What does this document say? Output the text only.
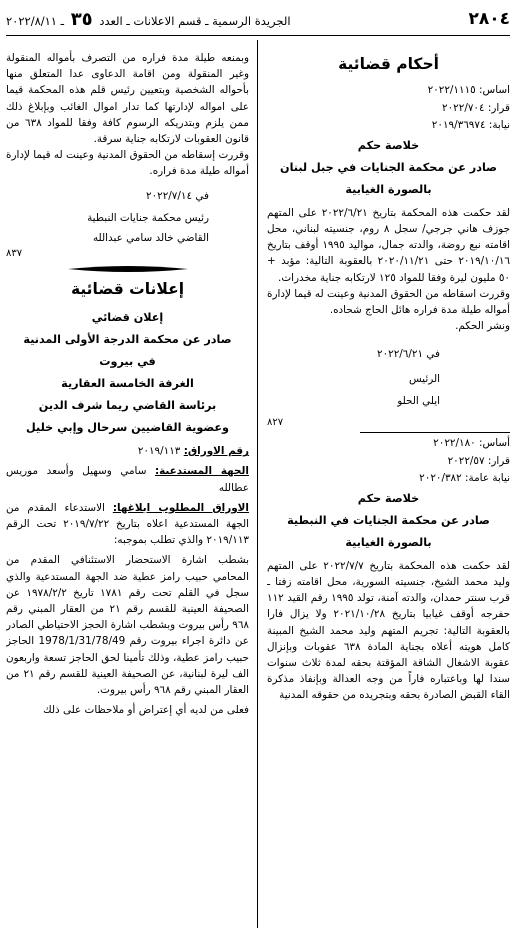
٢٨٠٤
الجريدة الرسمية ـ قسم الاعلانات ـ العدد ٣٥ ـ ٢٠٢٢/٨/١١
أحكام قضائية
اساس: ٢٠٢٢/١١١٥
قرار: ٢٠٢٢/٧٠٤
نيابة: ٢٠١٩/٣٦٩٧٤
خلاصة حكم
صادر عن محكمة الجنايات في جبل لبنان
بالصورة الغيابية

لقد حكمت هذه المحكمة بتاريخ ٢٠٢٢/٦/٢١ على المتهم جوزف هاني جرجي/ سجل ٨ روم، جنسيته لبناني، محل اقامته نبع روضة، والدته جمال، مواليد ١٩٩٥ أوقف بتاريخ ٢٠١٩/١٠/١٦ حتى ٢٠٢٠/١١/٢١ بالعقوبة التالية: مؤبد + ٥٠ مليون ليرة وفقا للمواد ١٢٥ لارتكابه جناية مخدرات.

وقررت اسقاطه من الحقوق المدنية وعينت له قيما لإدارة أمواله طيلة مدة فراره هائل الحاج شحاده.

ونشر الحكم.

في ٢٠٢٢/٦/٢١
الرئيس
ايلي الحلو
٨٢٧
أساس: ٢٠٢٢/١٨٠
قرار: ٢٠٢٢/٥٧
نيابة عامة: ٢٠٢٠/٣٨٢
خلاصة حكم
صادر عن محكمة الجنايات في النبطية
بالصورة الغيابية

لقد حكمت هذه المحكمة بتاريخ ٢٠٢٢/٧/٧ على المتهم وليد محمد الشيخ، جنسيته السورية، محل اقامته زفتا ـ قرب سنتر حمدان، والدته آمنة، تولد ١٩٩٥ رقم القيد ١١٢ حفرجه أوقف غيابيا بتاريخ ٢٠٢١/١٠/٢٨ ولا يزال فارا بالعقوبة التالية: تجريم المتهم وليد محمد الشيخ المبينة كامل هويته أعلاه بجناية المادة ٦٣٨ عقوبات وبإنزال عقوبة الاشغال الشاقة المؤقتة بحقه لمدة ثلاث سنوات سندا لها وباعتباره فاراً من وجه العدالة وبإنفاذ مذكرة القاء القبض الصادرة بحقه وبتجريده من حقوقه المدنية

وبمنعه طيلة مدة فراره من التصرف بأمواله المنقولة وغير المنقولة ومن اقامة الدعاوى عدا المتعلق منها بأحواله الشخصية وبتعيين رئيس قلم هذه المحكمة قيما على امواله لإدارتها كما تدار اموال الغائب وبإبلاغ ذلك ممن يلزم وبتدريكه الرسوم كافة وفقا للمواد ٦٣٨ من قانون العقوبات لارتكابه جناية سرقة.

وقررت إسقاطه من الحقوق المدنية وعينت له قيما لإدارة أمواله طيلة مدة فراره.

في ٢٠٢٢/٧/١٤
رئيس محكمة جنايات النبطية
القاضي خالد سامي عبدالله
٨٣٧
إعلانات قضائية
إعلان قضائي
صادر عن محكمة الدرجة الأولى المدنية
في بيروت
الغرفة الخامسة العقارية
برئاسة القاضي ريما شرف الدين
وعضوية القاضيين سرحال وإبي خليل

رقم الاوراق: ٢٠١٩/١١٣

الجهة المستدعية: سامي وسهيل وأسعد موريس عطالله

الاوراق المطلوب ابلاغها: الاستدعاء المقدم من الجهة المستدعية اعلاه بتاريخ ٢٠١٩/٧/٢٢ تحت الرقم ٢٠١٩/١١٣ والذي تطلب بموجبه:

بشطب اشارة الاستحضار الاستئنافي المقدم من المحامي حبيب رامز عطية ضد الجهة المستدعية والذي سجل في القلم تحت رقم ١٧٨١ تاريخ ١٩٧٨/٢/٢ عن الصحيفة العينية للقسم رقم ٢١ من العقار المبني رقم ٩٦٨ رأس بيروت وبشطب اشارة الحجز الاحتياطي الصادر عن دائرة اجراء بيروت رقم 1978/1/31/78/49 الحاجز حبيب رامز عطية، وذلك تأمينا لحق الحاجز تسعة واربعون الف ليرة لبنانية، عن الصحيفة العينية للقسم رقم ٢١ من العقار المبني رقم ٩٦٨ رأس بيروت.

فعلى من لديه أي إعتراض أو ملاحظات على ذلك
